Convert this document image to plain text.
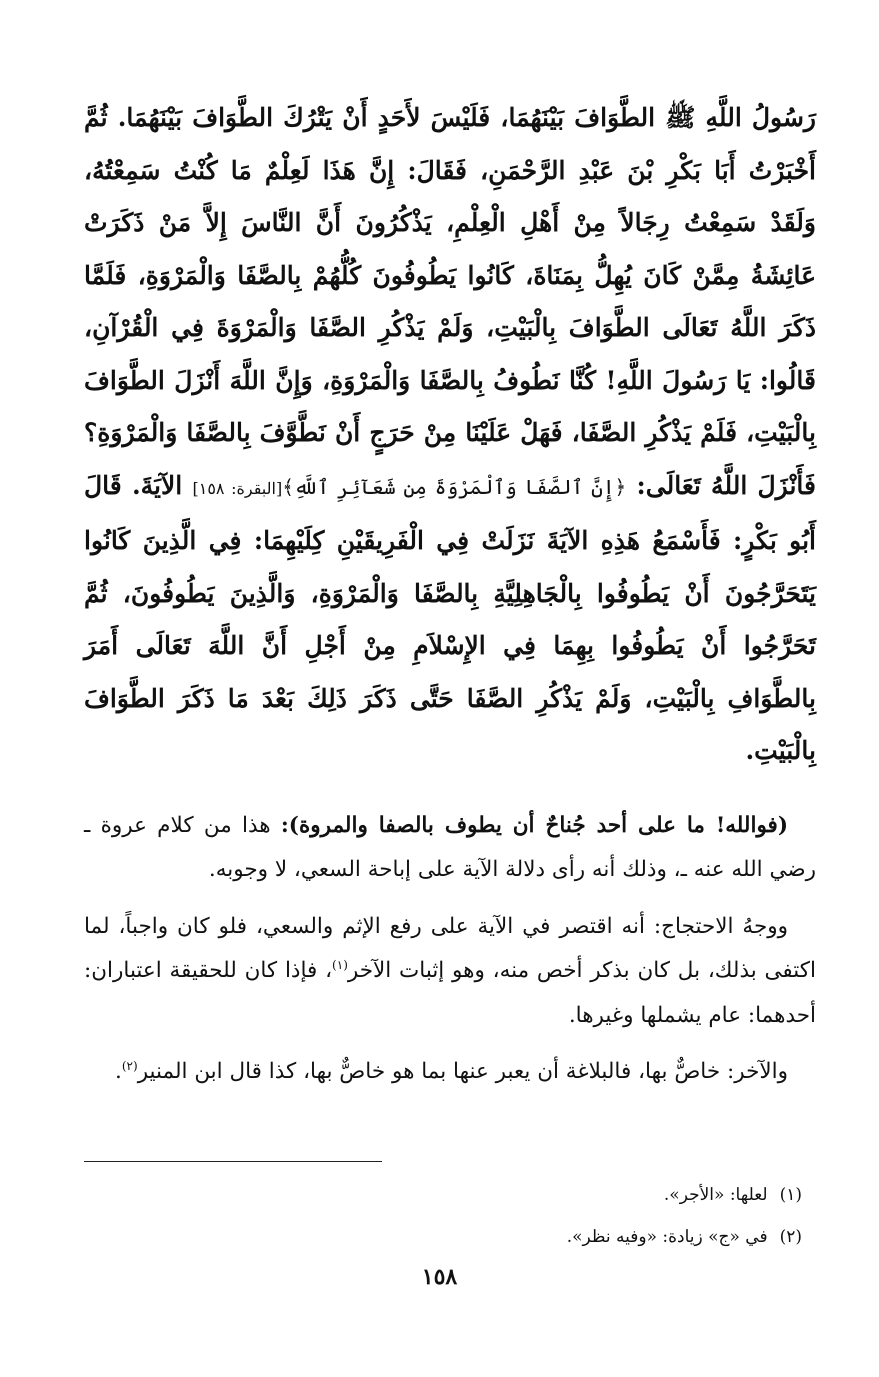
رَسُولُ اللَّهِ ﷺ الطَّوَافَ بَيْنَهُمَا، فَلَيْسَ لأَحَدٍ أَنْ يَتْرُكَ الطَّوَافَ بَيْنَهُمَا. ثُمَّ أَخْبَرْتُ أَبَا بَكْرِ بْنَ عَبْدِ الرَّحْمَنِ، فَقَالَ: إِنَّ هَذَا لَعِلْمٌ مَا كُنْتُ سَمِعْتُهُ، وَلَقَدْ سَمِعْتُ رِجَالاً مِنْ أَهْلِ الْعِلْمِ، يَذْكُرُونَ أَنَّ النَّاسَ إِلاَّ مَنْ ذَكَرَتْ عَائِشَةُ مِمَّنْ كَانَ يُهِلُّ بِمَنَاةَ، كَانُوا يَطُوفُونَ كُلُّهُمْ بِالصَّفَا وَالْمَرْوَةِ، فَلَمَّا ذَكَرَ اللَّهُ تَعَالَى الطَّوَافَ بِالْبَيْتِ، وَلَمْ يَذْكُرِ الصَّفَا وَالْمَرْوَةَ فِي الْقُرْآنِ، قَالُوا: يَا رَسُولَ اللَّهِ! كُنَّا نَطُوفُ بِالصَّفَا وَالْمَرْوَةِ، وَإِنَّ اللَّهَ أَنْزَلَ الطَّوَافَ بِالْبَيْتِ، فَلَمْ يَذْكُرِ الصَّفَا، فَهَلْ عَلَيْنَا مِنْ حَرَجٍ أَنْ نَطَّوَّفَ بِالصَّفَا وَالْمَرْوَةِ؟ فَأَنْزَلَ اللَّهُ تَعَالَى: ﴿إِنَّ ٱلصَّفَا وَٱلْمَرْوَةَ مِن شَعَآئِرِ ٱللَّهِ﴾[البقرة: ١٥٨] الآيَةَ. قَالَ أَبُو بَكْرٍ: فَأَسْمَعُ هَذِهِ الآيَةَ نَزَلَتْ فِي الْفَرِيقَيْنِ كِلَيْهِمَا: فِي الَّذِينَ كَانُوا يَتَحَرَّجُونَ أَنْ يَطُوفُوا بِالْجَاهِلِيَّةِ بِالصَّفَا وَالْمَرْوَةِ، وَالَّذِينَ يَطُوفُونَ، ثُمَّ تَحَرَّجُوا أَنْ يَطُوفُوا بِهِمَا فِي الإِسْلاَمِ مِنْ أَجْلِ أَنَّ اللَّهَ تَعَالَى أَمَرَ بِالطَّوَافِ بِالْبَيْتِ، وَلَمْ يَذْكُرِ الصَّفَا حَتَّى ذَكَرَ ذَلِكَ بَعْدَ مَا ذَكَرَ الطَّوَافَ بِالْبَيْتِ.

(فوالله! ما على أحد جُناحٌ أن يطوف بالصفا والمروة): هذا من كلام عروة ـ رضي الله عنه ـ، وذلك أنه رأى دلالة الآية على إباحة السعي، لا وجوبه.

ووجهُ الاحتجاج: أنه اقتصر في الآية على رفع الإثم والسعي، فلو كان واجباً، لما اكتفى بذلك، بل كان بذكر أخص منه، وهو إثبات الآخر$^{(١)}$، فإذا كان للحقيقة اعتباران: أحدهما: عام يشملها وغيرها.

والآخر: خاصٌّ بها، فالبلاغة أن يعبر عنها بما هو خاصٌّ بها، كذا قال ابن المنير$^{(٢)}$.

(١)لعلها: «الأجر».
(٢)في «ج» زيادة: «وفيه نظر».
١٥٨
